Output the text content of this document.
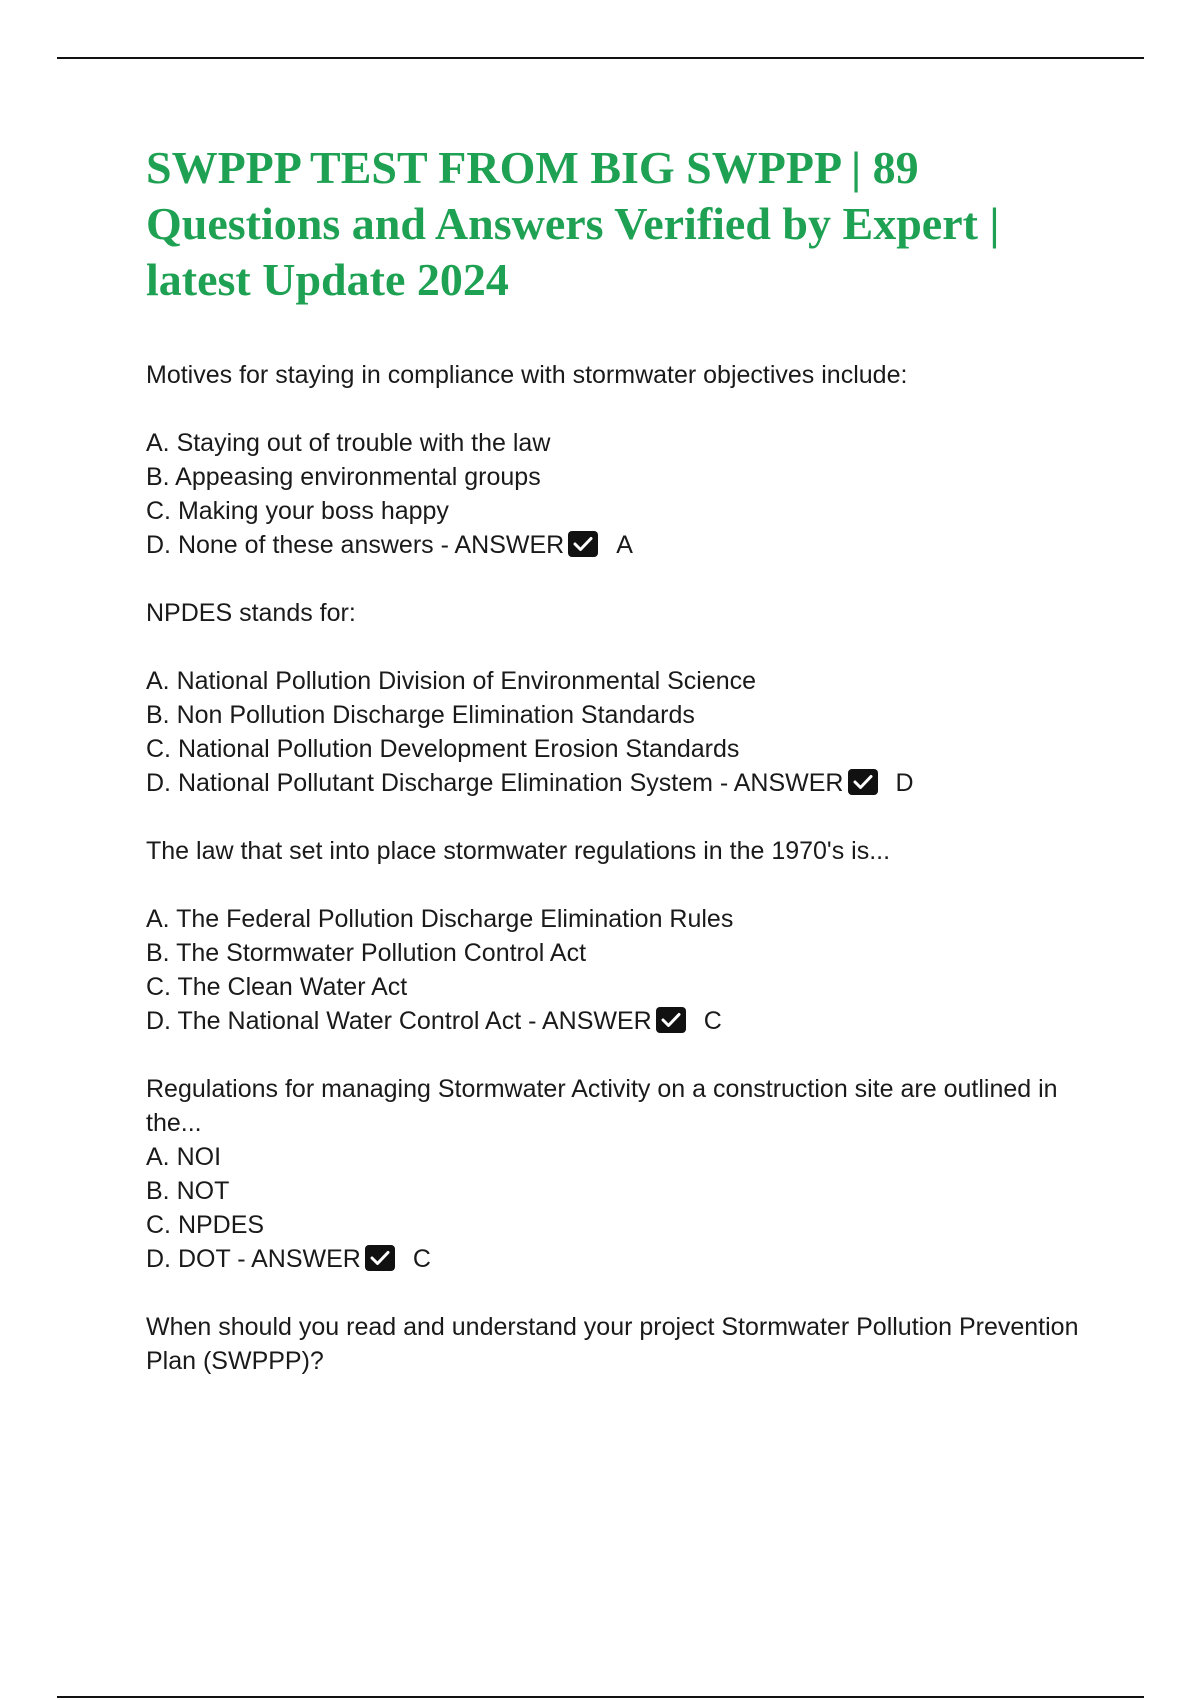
SWPPP TEST FROM BIG SWPPP | 89 Questions and Answers Verified by Expert | latest Update 2024

Motives for staying in compliance with stormwater objectives include:

A. Staying out of trouble with the law

B. Appeasing environmental groups

C. Making your boss happy

D. None of these answers - ANSWER A

NPDES stands for:

A. National Pollution Division of Environmental Science

B. Non Pollution Discharge Elimination Standards

C. National Pollution Development Erosion Standards

D. National Pollutant Discharge Elimination System - ANSWER D

The law that set into place stormwater regulations in the 1970's is...

A. The Federal Pollution Discharge Elimination Rules

B. The Stormwater Pollution Control Act

C. The Clean Water Act

D. The National Water Control Act - ANSWER C

Regulations for managing Stormwater Activity on a construction site are outlined in the...

A. NOI

B. NOT

C. NPDES

D. DOT - ANSWER C

When should you read and understand your project Stormwater Pollution Prevention Plan (SWPPP)?
